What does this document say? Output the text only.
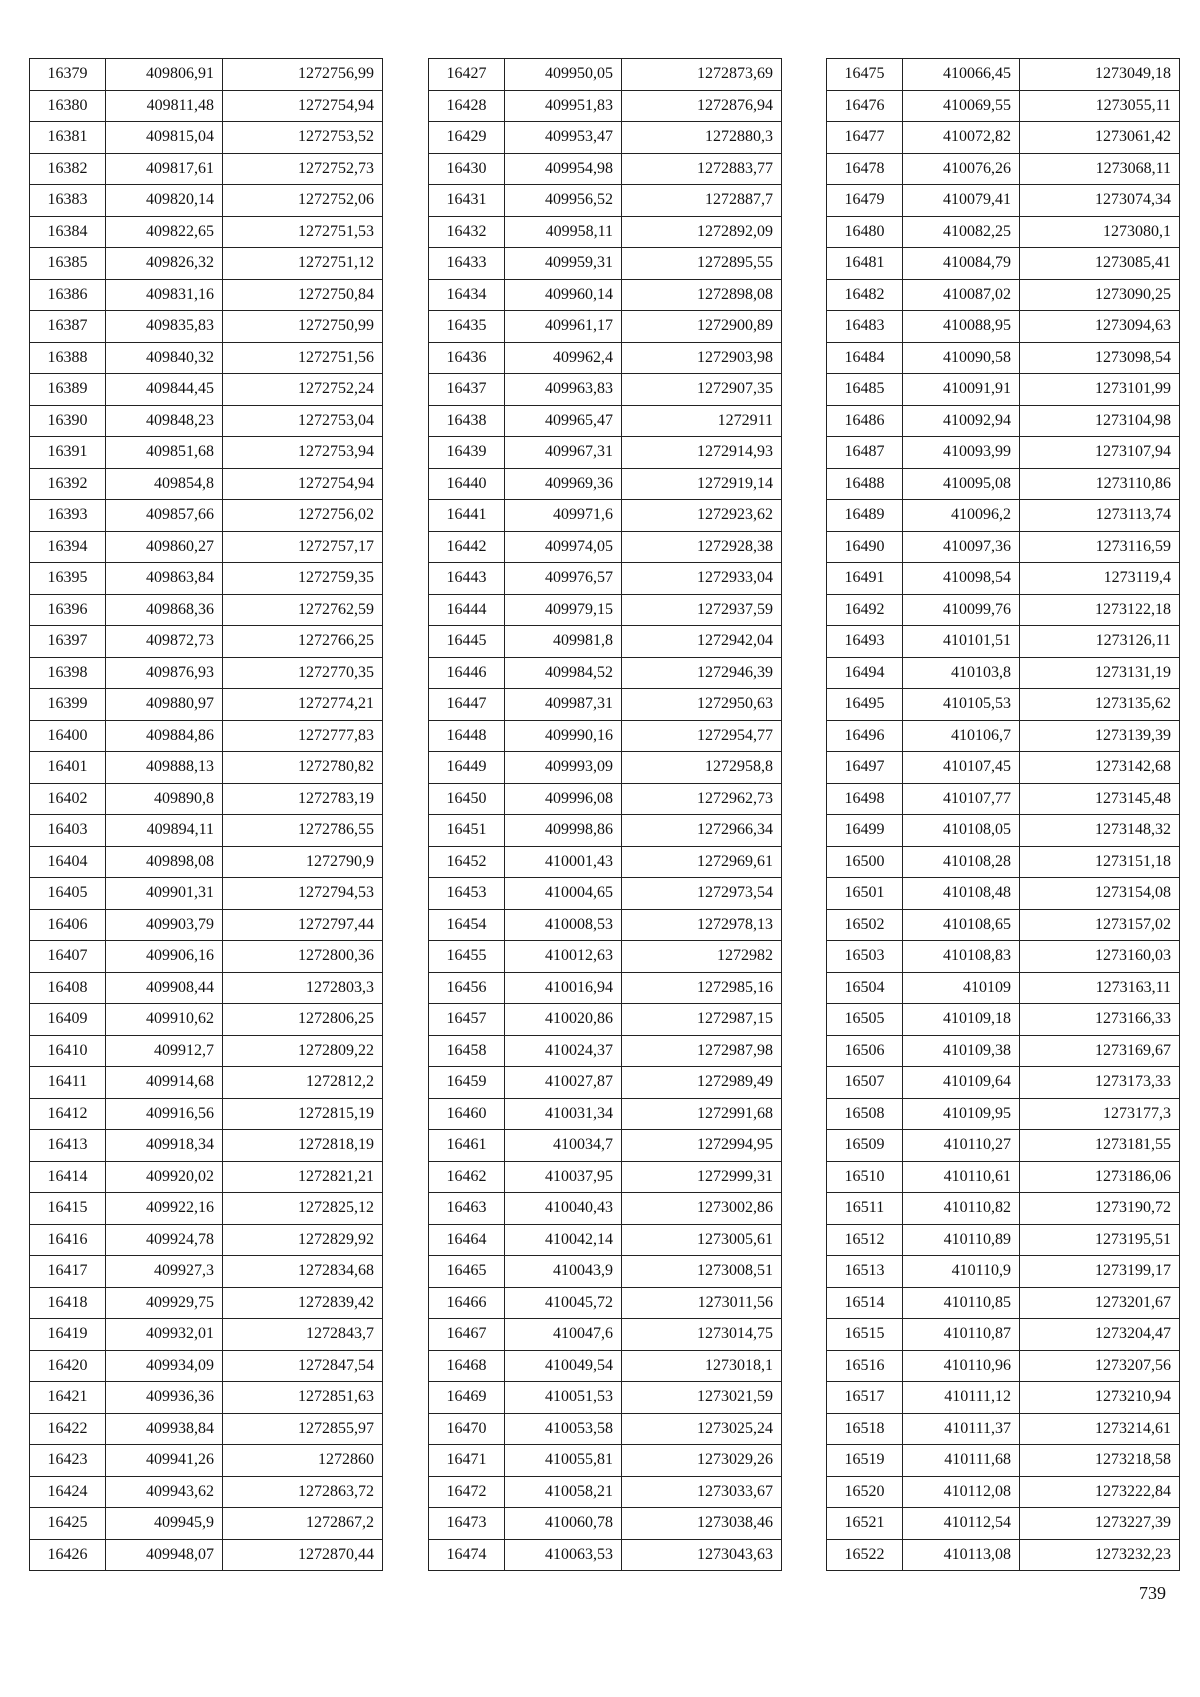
16379	409806,91	1272756,99
16380	409811,48	1272754,94
16381	409815,04	1272753,52
16382	409817,61	1272752,73
16383	409820,14	1272752,06
16384	409822,65	1272751,53
16385	409826,32	1272751,12
16386	409831,16	1272750,84
16387	409835,83	1272750,99
16388	409840,32	1272751,56
16389	409844,45	1272752,24
16390	409848,23	1272753,04
16391	409851,68	1272753,94
16392	409854,8	1272754,94
16393	409857,66	1272756,02
16394	409860,27	1272757,17
16395	409863,84	1272759,35
16396	409868,36	1272762,59
16397	409872,73	1272766,25
16398	409876,93	1272770,35
16399	409880,97	1272774,21
16400	409884,86	1272777,83
16401	409888,13	1272780,82
16402	409890,8	1272783,19
16403	409894,11	1272786,55
16404	409898,08	1272790,9
16405	409901,31	1272794,53
16406	409903,79	1272797,44
16407	409906,16	1272800,36
16408	409908,44	1272803,3
16409	409910,62	1272806,25
16410	409912,7	1272809,22
16411	409914,68	1272812,2
16412	409916,56	1272815,19
16413	409918,34	1272818,19
16414	409920,02	1272821,21
16415	409922,16	1272825,12
16416	409924,78	1272829,92
16417	409927,3	1272834,68
16418	409929,75	1272839,42
16419	409932,01	1272843,7
16420	409934,09	1272847,54
16421	409936,36	1272851,63
16422	409938,84	1272855,97
16423	409941,26	1272860
16424	409943,62	1272863,72
16425	409945,9	1272867,2
16426	409948,07	1272870,44
16427	409950,05	1272873,69
16428	409951,83	1272876,94
16429	409953,47	1272880,3
16430	409954,98	1272883,77
16431	409956,52	1272887,7
16432	409958,11	1272892,09
16433	409959,31	1272895,55
16434	409960,14	1272898,08
16435	409961,17	1272900,89
16436	409962,4	1272903,98
16437	409963,83	1272907,35
16438	409965,47	1272911
16439	409967,31	1272914,93
16440	409969,36	1272919,14
16441	409971,6	1272923,62
16442	409974,05	1272928,38
16443	409976,57	1272933,04
16444	409979,15	1272937,59
16445	409981,8	1272942,04
16446	409984,52	1272946,39
16447	409987,31	1272950,63
16448	409990,16	1272954,77
16449	409993,09	1272958,8
16450	409996,08	1272962,73
16451	409998,86	1272966,34
16452	410001,43	1272969,61
16453	410004,65	1272973,54
16454	410008,53	1272978,13
16455	410012,63	1272982
16456	410016,94	1272985,16
16457	410020,86	1272987,15
16458	410024,37	1272987,98
16459	410027,87	1272989,49
16460	410031,34	1272991,68
16461	410034,7	1272994,95
16462	410037,95	1272999,31
16463	410040,43	1273002,86
16464	410042,14	1273005,61
16465	410043,9	1273008,51
16466	410045,72	1273011,56
16467	410047,6	1273014,75
16468	410049,54	1273018,1
16469	410051,53	1273021,59
16470	410053,58	1273025,24
16471	410055,81	1273029,26
16472	410058,21	1273033,67
16473	410060,78	1273038,46
16474	410063,53	1273043,63
16475	410066,45	1273049,18
16476	410069,55	1273055,11
16477	410072,82	1273061,42
16478	410076,26	1273068,11
16479	410079,41	1273074,34
16480	410082,25	1273080,1
16481	410084,79	1273085,41
16482	410087,02	1273090,25
16483	410088,95	1273094,63
16484	410090,58	1273098,54
16485	410091,91	1273101,99
16486	410092,94	1273104,98
16487	410093,99	1273107,94
16488	410095,08	1273110,86
16489	410096,2	1273113,74
16490	410097,36	1273116,59
16491	410098,54	1273119,4
16492	410099,76	1273122,18
16493	410101,51	1273126,11
16494	410103,8	1273131,19
16495	410105,53	1273135,62
16496	410106,7	1273139,39
16497	410107,45	1273142,68
16498	410107,77	1273145,48
16499	410108,05	1273148,32
16500	410108,28	1273151,18
16501	410108,48	1273154,08
16502	410108,65	1273157,02
16503	410108,83	1273160,03
16504	410109	1273163,11
16505	410109,18	1273166,33
16506	410109,38	1273169,67
16507	410109,64	1273173,33
16508	410109,95	1273177,3
16509	410110,27	1273181,55
16510	410110,61	1273186,06
16511	410110,82	1273190,72
16512	410110,89	1273195,51
16513	410110,9	1273199,17
16514	410110,85	1273201,67
16515	410110,87	1273204,47
16516	410110,96	1273207,56
16517	410111,12	1273210,94
16518	410111,37	1273214,61
16519	410111,68	1273218,58
16520	410112,08	1273222,84
16521	410112,54	1273227,39
16522	410113,08	1273232,23
739
